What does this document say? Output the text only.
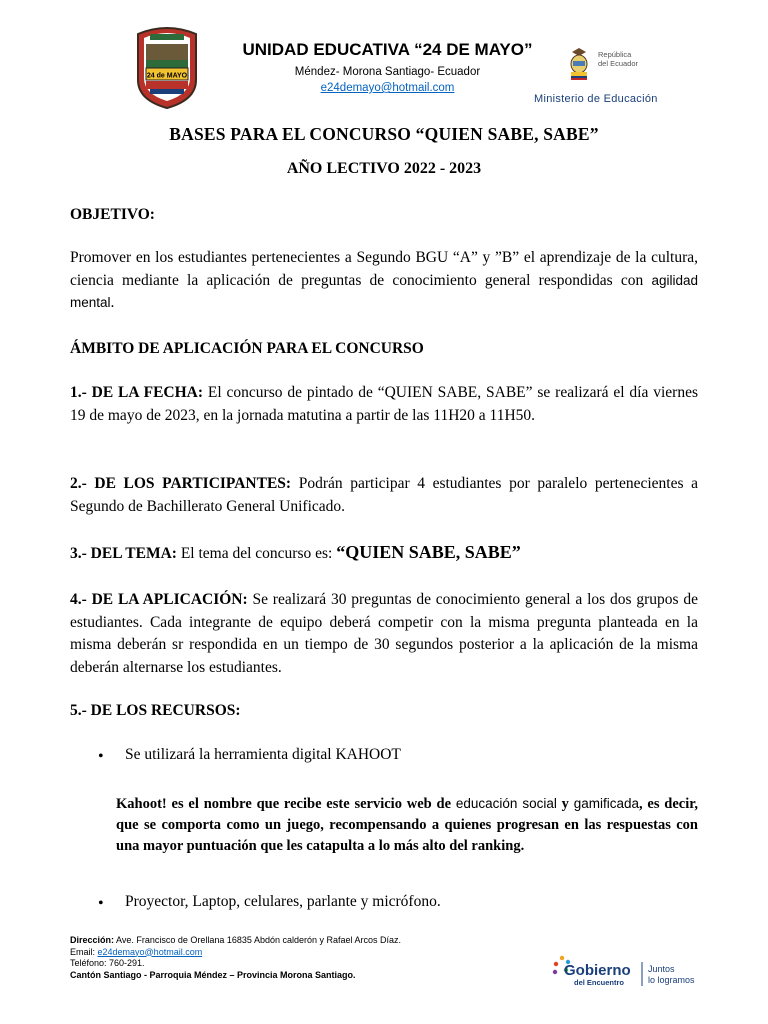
24 de MAYO
UNIDAD EDUCATIVA “24 DE MAYO”
Méndez- Morona Santiago- Ecuador
e24demayo@hotmail.com
República
del Ecuador
Ministerio de Educación
BASES PARA EL CONCURSO “QUIEN SABE, SABE”
AÑO LECTIVO 2022 - 2023
OBJETIVO:
Promover en los estudiantes pertenecientes a Segundo BGU “A” y ”B” el aprendizaje de la cultura, ciencia mediante la aplicación de preguntas de conocimiento general respondidas con agilidad mental.
ÁMBITO DE APLICACIÓN PARA EL CONCURSO
1.- DE LA FECHA: El concurso de pintado de “QUIEN SABE, SABE” se realizará el día viernes 19 de mayo de 2023, en la jornada matutina a partir de las 11H20 a 11H50.
2.- DE LOS PARTICIPANTES: Podrán participar 4 estudiantes por paralelo pertenecientes a Segundo de Bachillerato General Unificado.
3.- DEL TEMA: El tema del concurso es: “QUIEN SABE, SABE”
4.- DE LA APLICACIÓN: Se realizará 30 preguntas de conocimiento general a los dos grupos de estudiantes. Cada integrante de equipo deberá competir con la misma pregunta planteada en la misma deberán sr respondida en un tiempo de 30 segundos posterior a la aplicación de la misma deberán alternarse los estudiantes.
5.- DE LOS RECURSOS:
• Se utilizará la herramienta digital KAHOOT
Kahoot! es el nombre que recibe este servicio web de educación social y gamificada, es decir, que se comporta como un juego, recompensando a quienes progresan en las respuestas con una mayor puntuación que les catapulta a lo más alto del ranking.
• Proyector, Laptop, celulares, parlante y micrófono.
Dirección: Ave. Francisco de Orellana 16835 Abdón calderón y Rafael Arcos Díaz.
Email: e24demayo@hotmail.com
Teléfono: 760-291.
Cantón Santiago - Parroquia Méndez – Provincia Morona Santiago.	Gobierno
del Encuentro
Juntos
lo logramos
